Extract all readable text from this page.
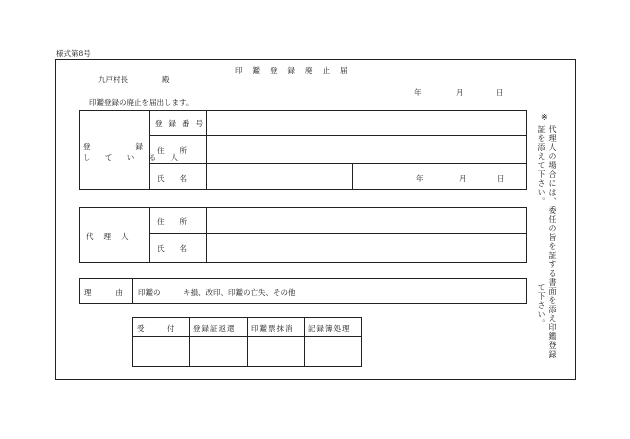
様式第8号
印鑑登録廃止届
九戸村長	殿
年	月	日
印鑑登録の廃止を届出します。
登　　　　　　録
し て い る 人
登録番号
住　　所
氏　　名	年	月	日
代理人
住　　所
氏　　名
理由
印鑑の　　　キ損、改印、印鑑の亡失、その他
受　　　付 登録証返還 印鑑票抹消 記録簿処理
※
代理人の場合には、委任の旨を証する書面を添え印鑑登録証を添えて下さい。　　　　　　　　　て下さい。
